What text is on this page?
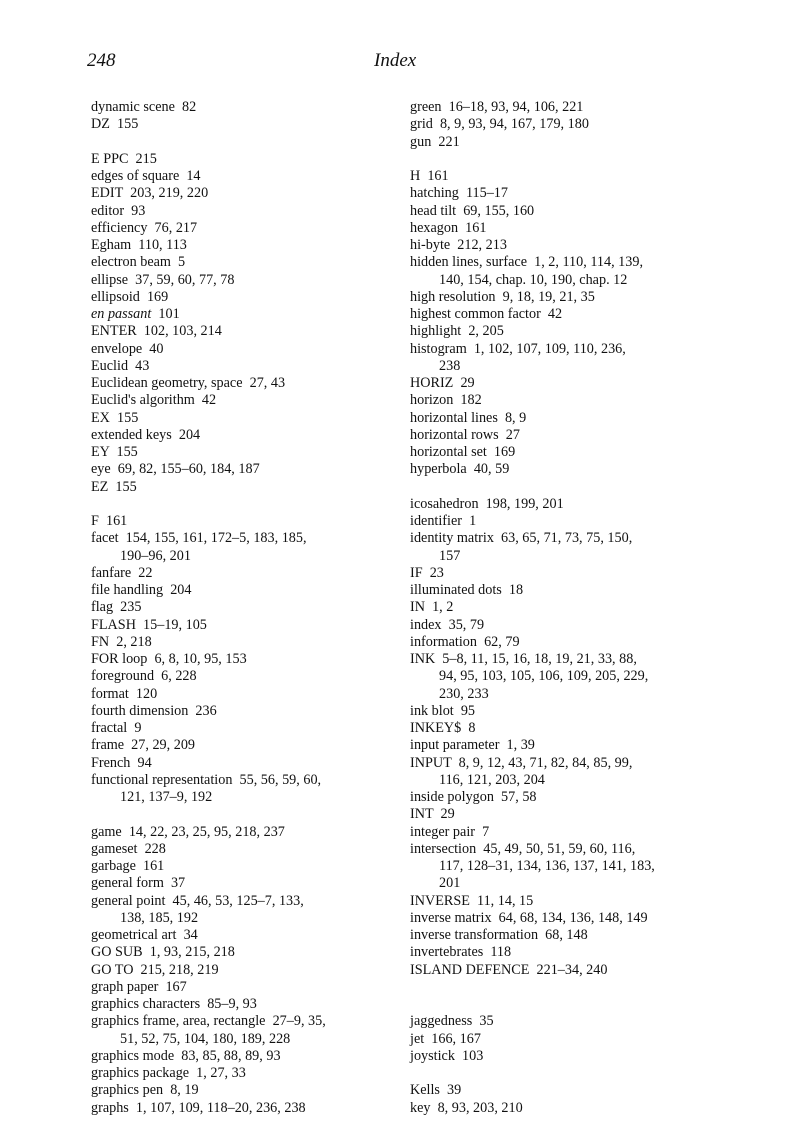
248	Index
dynamic scene  82
DZ  155
E PPC  215
edges of square  14
EDIT  203, 219, 220
editor  93
efficiency  76, 217
Egham  110, 113
electron beam  5
ellipse  37, 59, 60, 77, 78
ellipsoid  169
en passant  101
ENTER  102, 103, 214
envelope  40
Euclid  43
Euclidean geometry, space  27, 43
Euclid's algorithm  42
EX  155
extended keys  204
EY  155
eye  69, 82, 155–60, 184, 187
EZ  155
F  161
facet  154, 155, 161, 172–5, 183, 185,
190–96, 201
fanfare  22
file handling  204
flag  235
FLASH  15–19, 105
FN  2, 218
FOR loop  6, 8, 10, 95, 153
foreground  6, 228
format  120
fourth dimension  236
fractal  9
frame  27, 29, 209
French  94
functional representation  55, 56, 59, 60,
121, 137–9, 192
game  14, 22, 23, 25, 95, 218, 237
gameset  228
garbage  161
general form  37
general point  45, 46, 53, 125–7, 133,
138, 185, 192
geometrical art  34
GO SUB  1, 93, 215, 218
GO TO  215, 218, 219
graph paper  167
graphics characters  85–9, 93
graphics frame, area, rectangle  27–9, 35,
51, 52, 75, 104, 180, 189, 228
graphics mode  83, 85, 88, 89, 93
graphics package  1, 27, 33
graphics pen  8, 19
graphs  1, 107, 109, 118–20, 236, 238
green  16–18, 93, 94, 106, 221
grid  8, 9, 93, 94, 167, 179, 180
gun  221
H  161
hatching  115–17
head tilt  69, 155, 160
hexagon  161
hi-byte  212, 213
hidden lines, surface  1, 2, 110, 114, 139,
140, 154, chap. 10, 190, chap. 12
high resolution  9, 18, 19, 21, 35
highest common factor  42
highlight  2, 205
histogram  1, 102, 107, 109, 110, 236,
238
HORIZ  29
horizon  182
horizontal lines  8, 9
horizontal rows  27
horizontal set  169
hyperbola  40, 59
icosahedron  198, 199, 201
identifier  1
identity matrix  63, 65, 71, 73, 75, 150,
157
IF  23
illuminated dots  18
IN  1, 2
index  35, 79
information  62, 79
INK  5–8, 11, 15, 16, 18, 19, 21, 33, 88,
94, 95, 103, 105, 106, 109, 205, 229,
230, 233
ink blot  95
INKEY$  8
input parameter  1, 39
INPUT  8, 9, 12, 43, 71, 82, 84, 85, 99,
116, 121, 203, 204
inside polygon  57, 58
INT  29
integer pair  7
intersection  45, 49, 50, 51, 59, 60, 116,
117, 128–31, 134, 136, 137, 141, 183,
201
INVERSE  11, 14, 15
inverse matrix  64, 68, 134, 136, 148, 149
inverse transformation  68, 148
invertebrates  118
ISLAND DEFENCE  221–34, 240
jaggedness  35
jet  166, 167
joystick  103
Kells  39
key  8, 93, 203, 210
